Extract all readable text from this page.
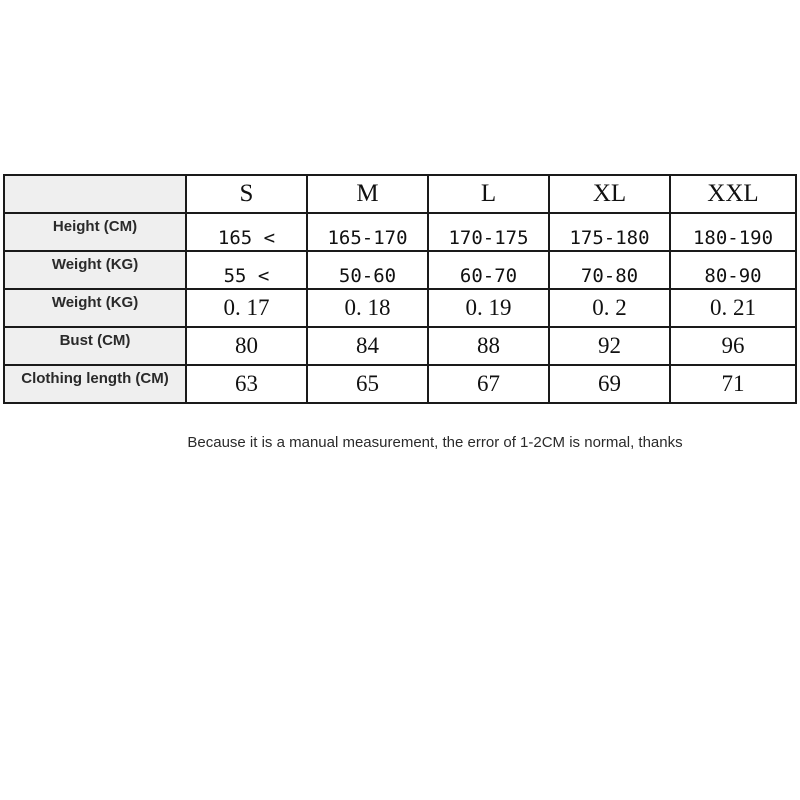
	S	M	L	XL	XXL
Height (CM)	165 <	165-170	170-175	175-180	180-190
Weight (KG)	55 <	50-60	60-70	70-80	80-90
Weight (KG)	0. 17	0. 18	0. 19	0. 2	0. 21
Bust (CM)	80	84	88	92	96
Clothing length (CM)	63	65	67	69	71
Because it is a manual measurement, the error of 1-2CM is normal, thanks
